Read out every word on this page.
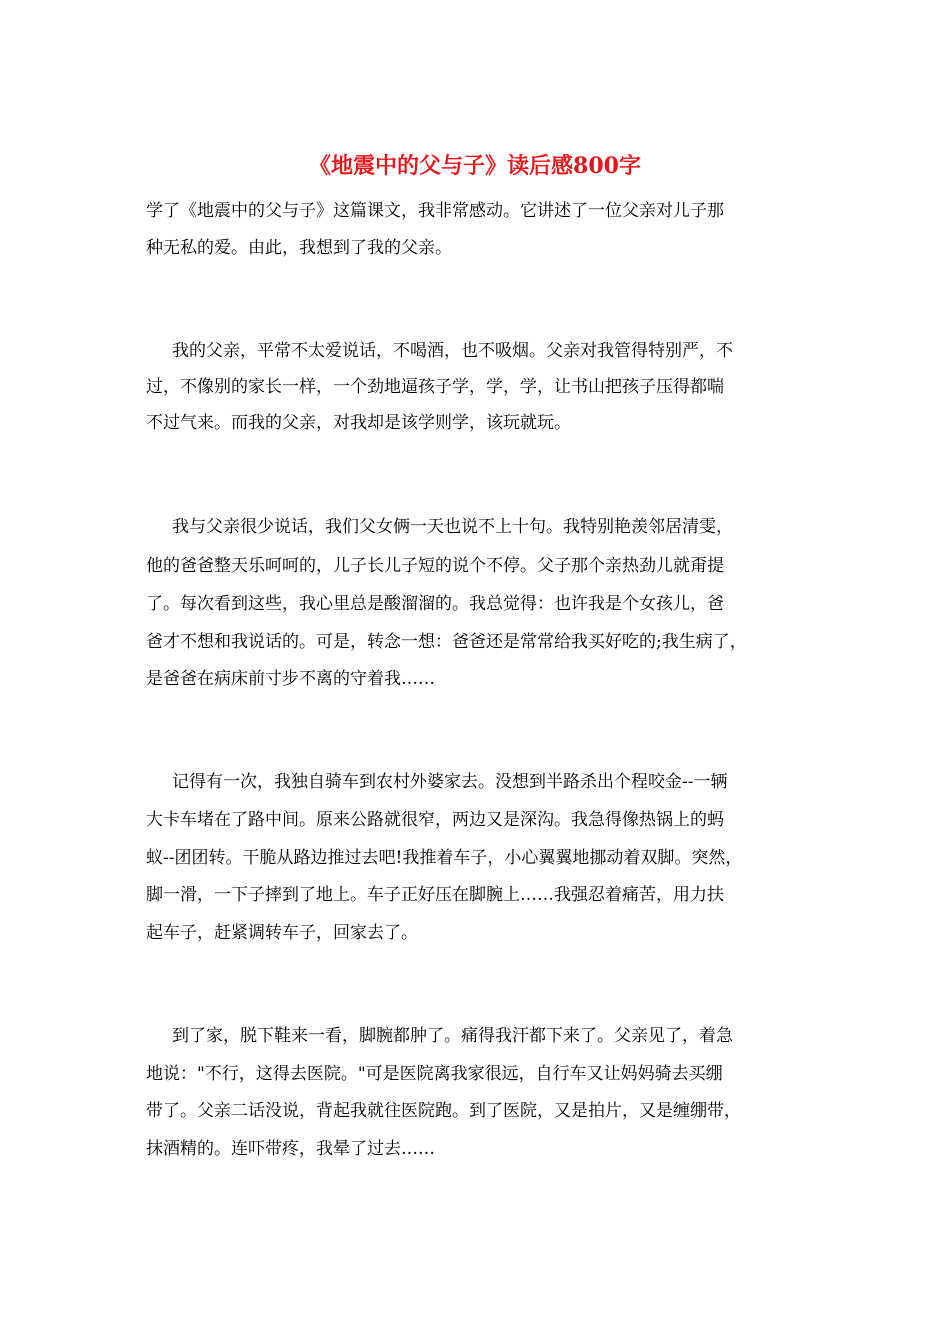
《地震中的父与子》读后感800字
学了《地震中的父与子》这篇课文，我非常感动。它讲述了一位父亲对儿子那
种无私的爱。由此，我想到了我的父亲。
我的父亲，平常不太爱说话，不喝酒，也不吸烟。父亲对我管得特别严，不
过，不像别的家长一样，一个劲地逼孩子学，学，学，让书山把孩子压得都喘
不过气来。而我的父亲，对我却是该学则学，该玩就玩。
我与父亲很少说话，我们父女俩一天也说不上十句。我特别艳羡邻居清雯，
他的爸爸整天乐呵呵的，儿子长儿子短的说个不停。父子那个亲热劲儿就甭提
了。每次看到这些，我心里总是酸溜溜的。我总觉得：也许我是个女孩儿，爸
爸才不想和我说话的。可是，转念一想：爸爸还是常常给我买好吃的;我生病了，
是爸爸在病床前寸步不离的守着我……
记得有一次，我独自骑车到农村外婆家去。没想到半路杀出个程咬金--一辆
大卡车堵在了路中间。原来公路就很窄，两边又是深沟。我急得像热锅上的蚂
蚁--团团转。干脆从路边推过去吧!我推着车子，小心翼翼地挪动着双脚。突然，
脚一滑，一下子摔到了地上。车子正好压在脚腕上……我强忍着痛苦，用力扶
起车子，赶紧调转车子，回家去了。
到了家，脱下鞋来一看，脚腕都肿了。痛得我汗都下来了。父亲见了，着急
地说："不行，这得去医院。"可是医院离我家很远，自行车又让妈妈骑去买绷
带了。父亲二话没说，背起我就往医院跑。到了医院，又是拍片，又是缠绷带，
抹酒精的。连吓带疼，我晕了过去……
